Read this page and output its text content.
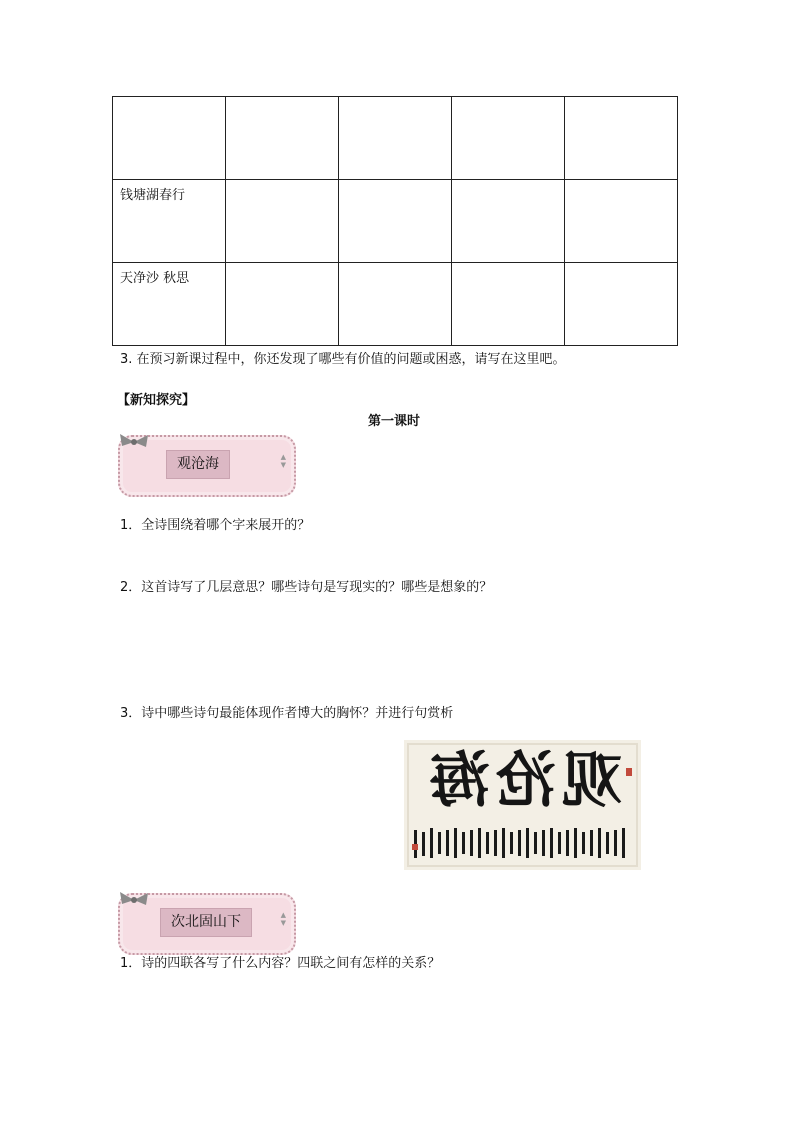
钱塘湖春行				

天净沙 秋思				

3. 在预习新课过程中，你还发现了哪些有价值的问题或困惑，请写在这里吧。
【新知探究】
第一课时
观沧海	▲
▼
1．全诗围绕着哪个字来展开的？
2．这首诗写了几层意思？哪些诗句是写现实的？哪些是想象的？
3．诗中哪些诗句最能体现作者博大的胸怀？并进行句赏析
观沧海
次北固山下	▲
▼
1．诗的四联各写了什么内容？四联之间有怎样的关系？
